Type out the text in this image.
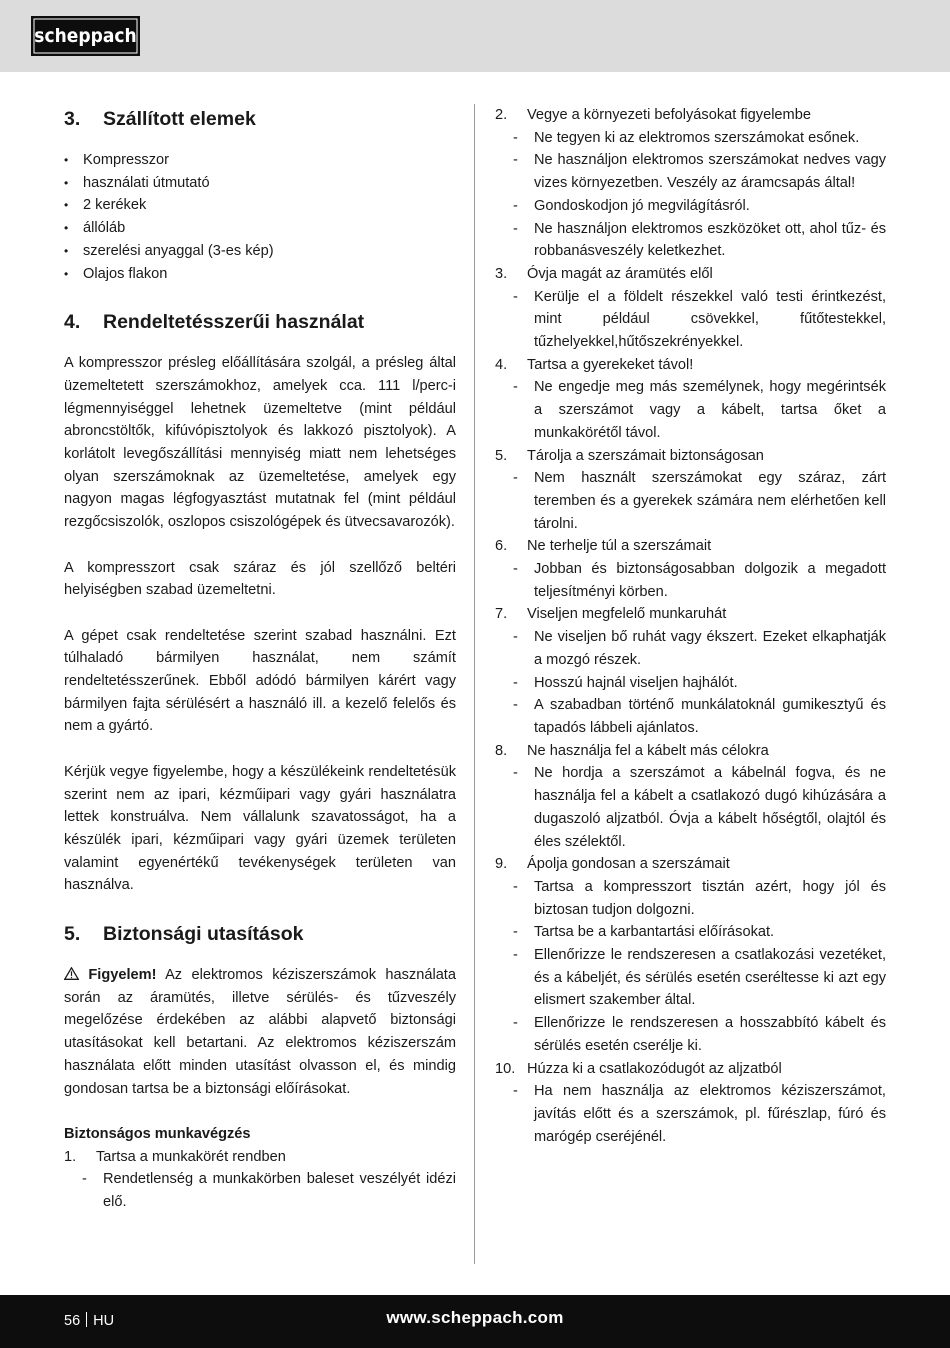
scheppach
3.	Szállított elemek
• Kompresszor
• használati útmutató
• 2 kerékek
• állóláb
• szerelési anyaggal (3-es kép)
• Olajos flakon
4.	Rendeltetésszerűi használat

A kompresszor présleg előállítására szolgál, a présleg által üzemeltetett szerszámokhoz, amelyek cca. 111 l/perc-i légmennyiséggel lehetnek üzemeltetve (mint például abroncstöltők, kifúvópisztolyok és lakkozó pisztolyok). A korlátolt levegőszállítási mennyiség miatt nem lehetséges olyan szerszámoknak az üzemeltetése, amelyek egy nagyon magas légfogyasztást mutatnak fel (mint például rezgőcsiszolók, oszlopos csiszológépek és ütvecsavarozók).

A kompresszort csak száraz és jól szellőző beltéri helyiségben szabad üzemeltetni.

A gépet csak rendeltetése szerint szabad használni. Ezt túlhaladó bármilyen használat, nem számít rendeltetésszerűnek. Ebből adódó bármilyen kárért vagy bármilyen fajta sérülésért a használó ill. a kezelő felelős és nem a gyártó.

Kérjük vegye figyelembe, hogy a készülékeink rendeltetésük szerint nem az ipari, kézműipari vagy gyári használatra lettek konstruálva. Nem vállalunk szavatosságot, ha a készülék ipari, kézműipari vagy gyári üzemek területen valamint egyenértékű tevékenységek területen van használva.

5.	Biztonsági utasítások

Figyelem! Az elektromos kéziszerszámok használata során az áramütés, illetve sérülés- és tűzveszély megelőzése érdekében az alábbi alapvető biztonsági utasításokat kell betartani. Az elektromos kéziszerszám használata előtt minden utasítást olvasson el, és mindig gondosan tartsa be a biztonsági előírásokat.

Biztonságos munkavégzés
1.	Tartsa a munkakörét rendben
-	Rendetlenség a munkakörben baleset veszélyét idézi elő.
2.	Vegye a környezeti befolyásokat figyelembe
-	Ne tegyen ki az elektromos szerszámokat esőnek.
-	Ne használjon elektromos szerszámokat nedves vagy vizes környezetben. Veszély az áramcsapás által!
-	Gondoskodjon jó megvilágításról.
-	Ne használjon elektromos eszközöket ott, ahol tűz- és robbanásveszély keletkezhet.
3.	Óvja magát az áramütés elől
-	Kerülje el a földelt részekkel való testi érintkezést, mint például csövekkel, fűtőtestekkel, tűzhelyekkel,hűtőszekrényekkel.
4.	Tartsa a gyerekeket távol!
-	Ne engedje meg más személynek, hogy megérintsék a szerszámot vagy a kábelt, tartsa őket a munkakörétől távol.
5.	Tárolja a szerszámait biztonságosan
-	Nem használt szerszámokat egy száraz, zárt teremben és a gyerekek számára nem elérhetően kell tárolni.
6.	Ne terhelje túl a szerszámait
-	Jobban és biztonságosabban dolgozik a megadott teljesítményi körben.
7.	Viseljen megfelelő munkaruhát
-	Ne viseljen bő ruhát vagy ékszert. Ezeket elkaphatják a mozgó részek.
-	Hosszú hajnál viseljen hajhálót.
-	A szabadban történő munkálatoknál gumikesztyű és tapadós lábbeli ajánlatos.
8.	Ne használja fel a kábelt más célokra
-	Ne hordja a szerszámot a kábelnál fogva, és ne használja fel a kábelt a csatlakozó dugó kihúzására a dugaszoló aljzatból. Óvja a kábelt hőségtől, olajtól és éles szélektől.
9.	Ápolja gondosan a szerszámait
-	Tartsa a kompresszort tisztán azért, hogy jól és biztosan tudjon dolgozni.
-	Tartsa be a karbantartási előírásokat.
-	Ellenőrizze le rendszeresen a csatlakozási vezetéket, és a kábeljét, és sérülés esetén cseréltesse ki azt egy elismert szakember által.
-	Ellenőrizze le rendszeresen a hosszabbító kábelt és sérülés esetén cserélje ki.
10. Húzza ki a csatlakozódugót az aljzatból
-	Ha nem használja az elektromos kéziszerszámot, javítás előtt és a szerszámok, pl. fűrészlap, fúró és marógép cseréjénél.
56 HU	www.scheppach.com
